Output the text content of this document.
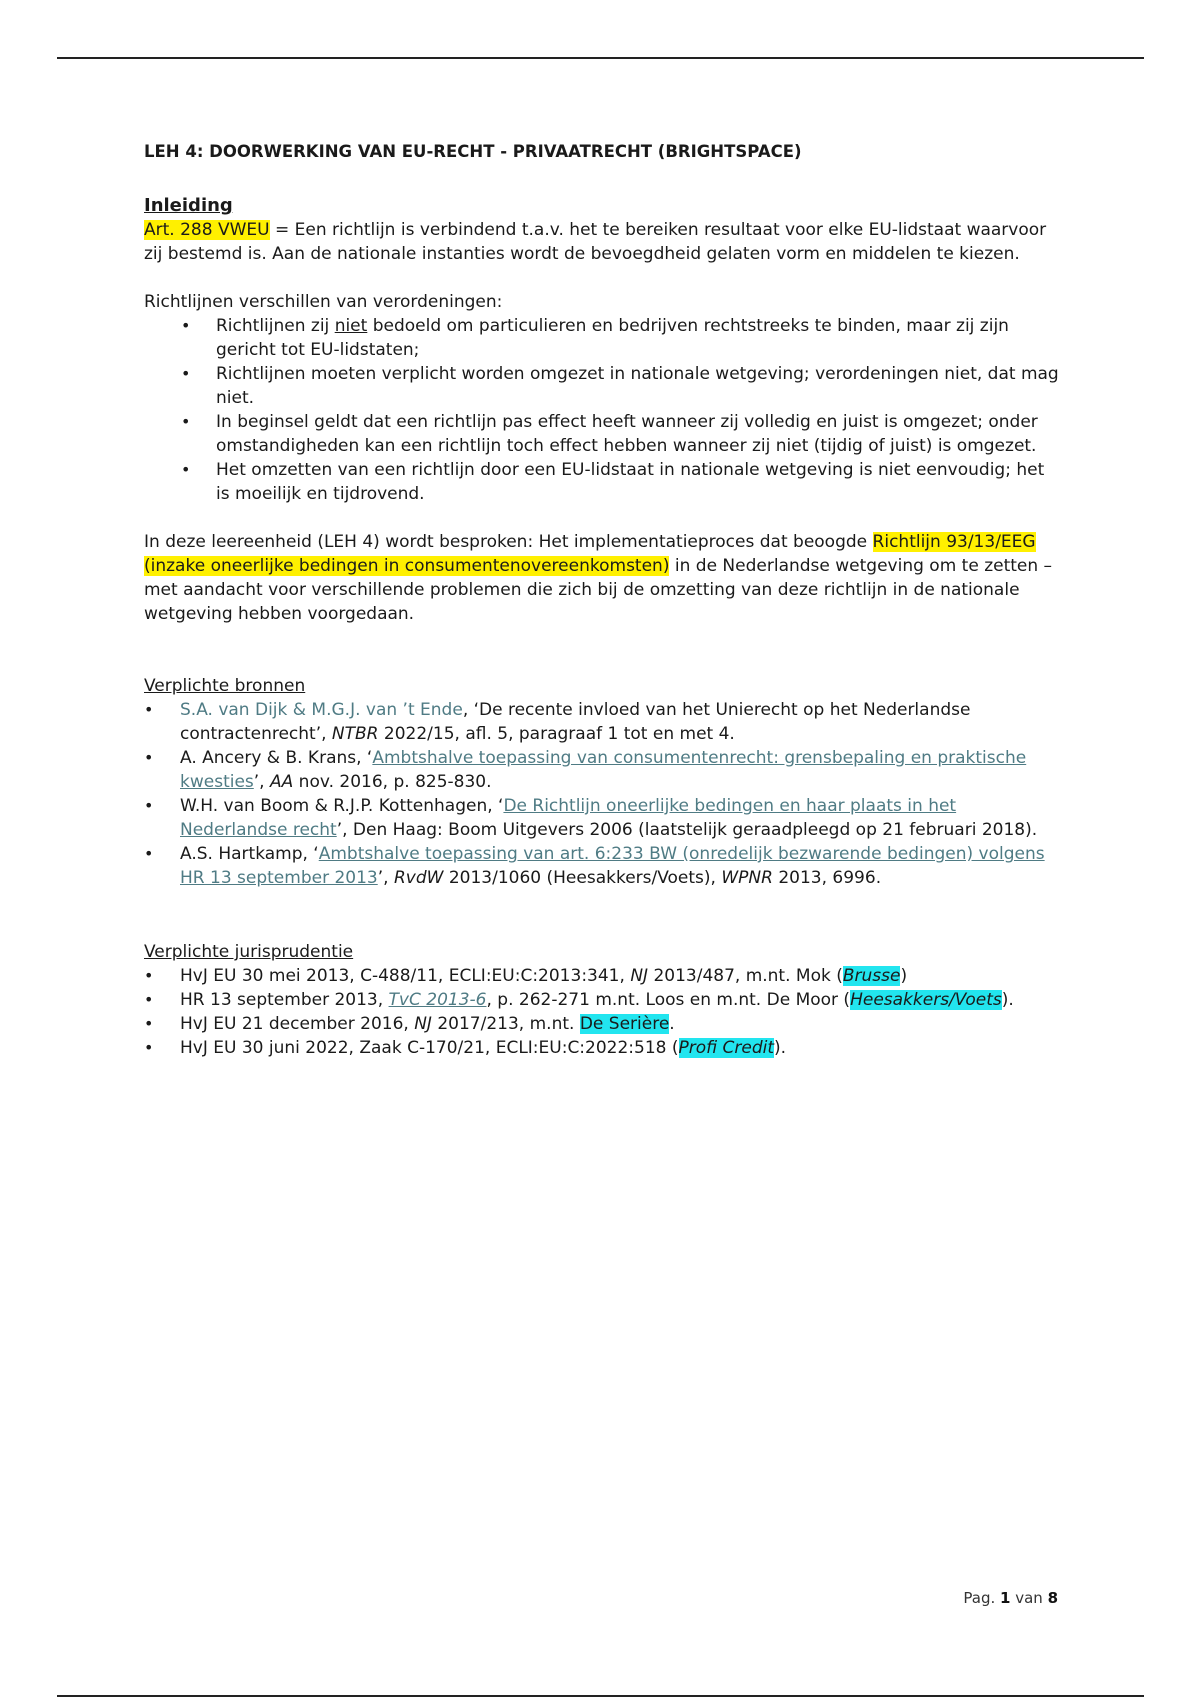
LEH 4: DOORWERKING VAN EU-RECHT - PRIVAATRECHT (BRIGHTSPACE)

Inleiding

Art. 288 VWEU = Een richtlijn is verbindend t.a.v. het te bereiken resultaat voor elke EU-lidstaat waarvoor zij bestemd is. Aan de nationale instanties wordt de bevoegdheid gelaten vorm en middelen te kiezen.

Richtlijnen verschillen van verordeningen:

• Richtlijnen zij niet bedoeld om particulieren en bedrijven rechtstreeks te binden, maar zij zijn gericht tot EU-lidstaten;
• Richtlijnen moeten verplicht worden omgezet in nationale wetgeving; verordeningen niet, dat mag niet.
• In beginsel geldt dat een richtlijn pas effect heeft wanneer zij volledig en juist is omgezet; onder omstandigheden kan een richtlijn toch effect hebben wanneer zij niet (tijdig of juist) is omgezet.
• Het omzetten van een richtlijn door een EU-lidstaat in nationale wetgeving is niet eenvoudig; het is moeilijk en tijdrovend.

In deze leereenheid (LEH 4) wordt besproken: Het implementatieproces dat beoogde Richtlijn 93/13/EEG (inzake oneerlijke bedingen in consumentenovereenkomsten) in de Nederlandse wetgeving om te zetten – met aandacht voor verschillende problemen die zich bij de omzetting van deze richtlijn in de nationale wetgeving hebben voorgedaan.

Verplichte bronnen

• S.A. van Dijk & M.G.J. van ’t Ende, ‘De recente invloed van het Unierecht op het Nederlandse contractenrecht’, NTBR 2022/15, afl. 5, paragraaf 1 tot en met 4.
• A. Ancery & B. Krans, ‘Ambtshalve toepassing van consumentenrecht: grensbepaling en praktische kwesties’, AA nov. 2016, p. 825-830.
• W.H. van Boom & R.J.P. Kottenhagen, ‘De Richtlijn oneerlijke bedingen en haar plaats in het Nederlandse recht’, Den Haag: Boom Uitgevers 2006 (laatstelijk geraadpleegd op 21 februari 2018).
• A.S. Hartkamp, ‘Ambtshalve toepassing van art. 6:233 BW (onredelijk bezwarende bedingen) volgens HR 13 september 2013’, RvdW 2013/1060 (Heesakkers/Voets), WPNR 2013, 6996.

Verplichte jurisprudentie

• HvJ EU 30 mei 2013, C-488/11, ECLI:EU:C:2013:341, NJ 2013/487, m.nt. Mok (Brusse)
• HR 13 september 2013, TvC 2013-6, p. 262-271 m.nt. Loos en m.nt. De Moor (Heesakkers/Voets).
• HvJ EU 21 december 2016, NJ 2017/213, m.nt. De Serière.
• HvJ EU 30 juni 2022, Zaak C-170/21, ECLI:EU:C:2022:518 (Profi Credit).
Pag. 1 van 8
